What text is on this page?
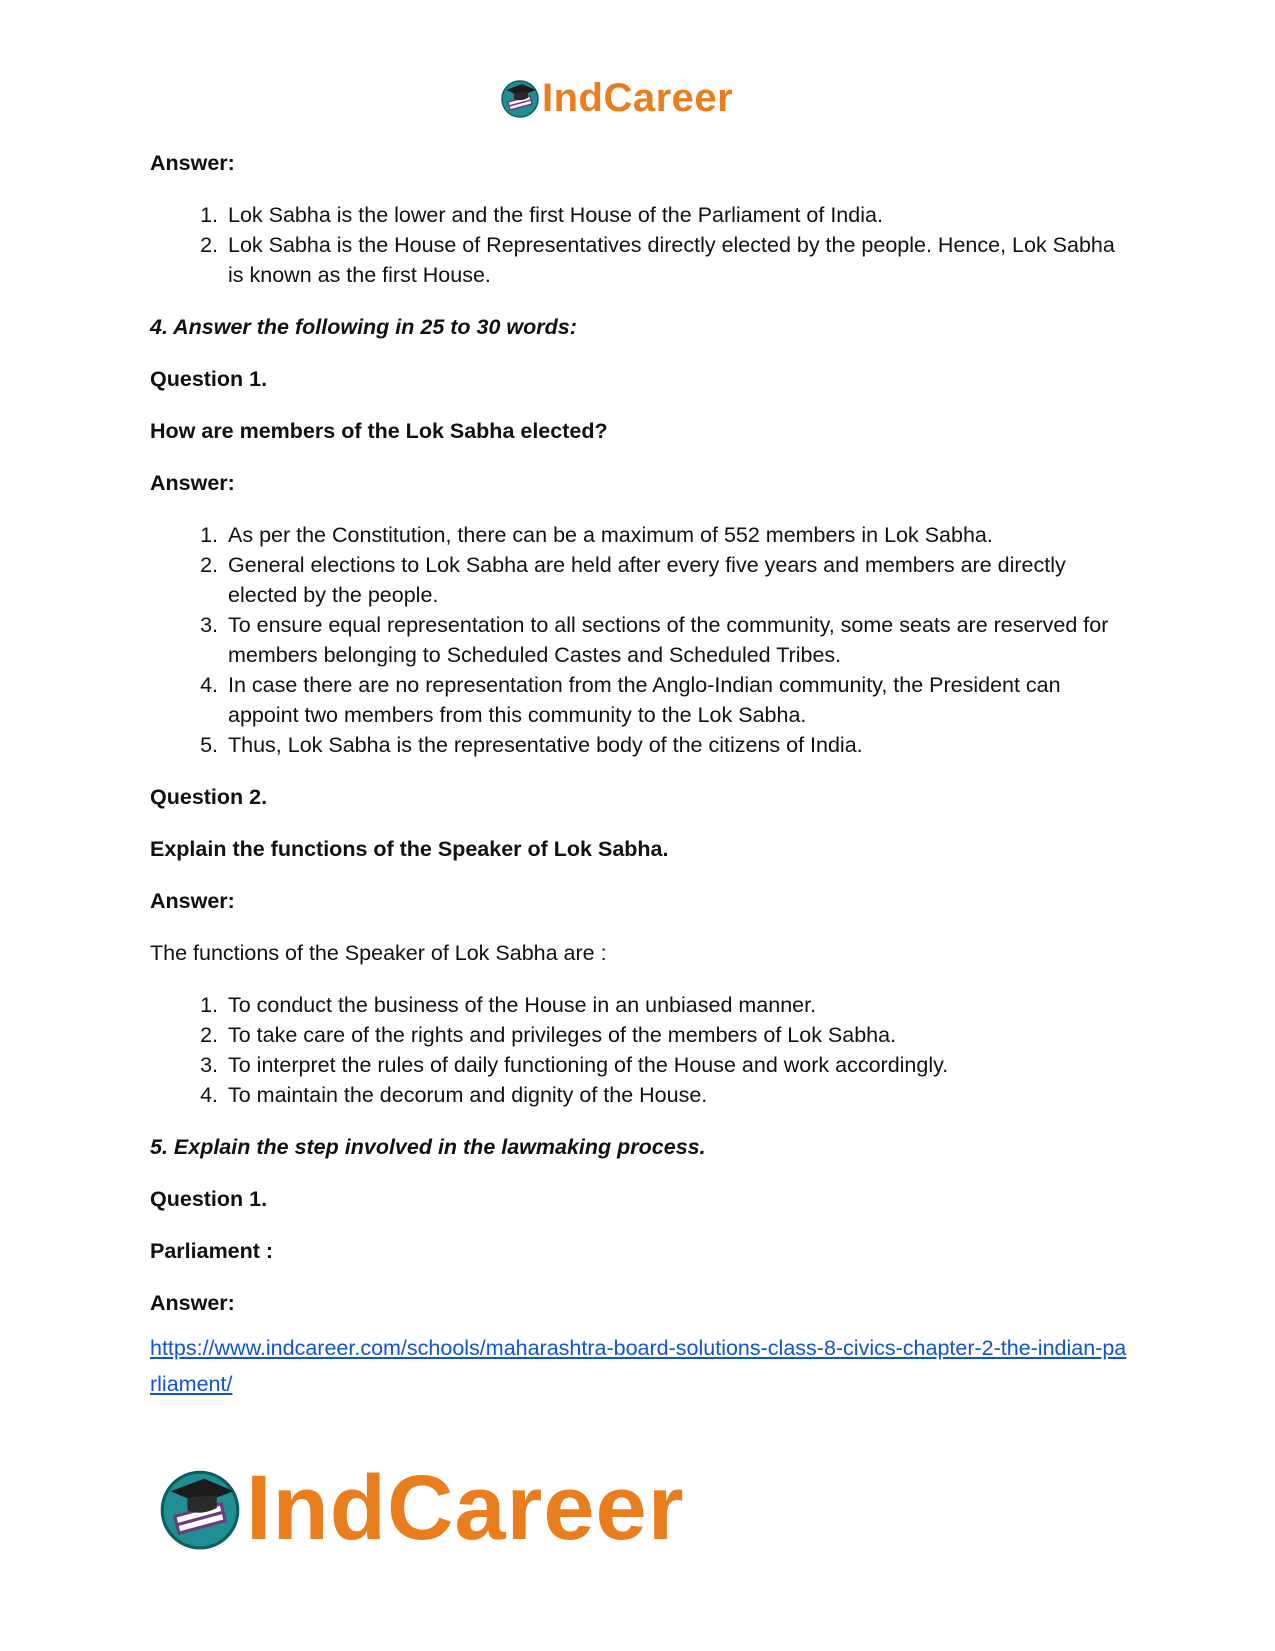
IndCareer

Answer:

1. Lok Sabha is the lower and the first House of the Parliament of India.
2. Lok Sabha is the House of Representatives directly elected by the people. Hence, Lok Sabha is known as the first House.

4. Answer the following in 25 to 30 words:

Question 1.

How are members of the Lok Sabha elected?

Answer:

1. As per the Constitution, there can be a maximum of 552 members in Lok Sabha.
2. General elections to Lok Sabha are held after every five years and members are directly elected by the people.
3. To ensure equal representation to all sections of the community, some seats are reserved for members belonging to Scheduled Castes and Scheduled Tribes.
4. In case there are no representation from the Anglo-Indian community, the President can appoint two members from this community to the Lok Sabha.
5. Thus, Lok Sabha is the representative body of the citizens of India.

Question 2.

Explain the functions of the Speaker of Lok Sabha.

Answer:

The functions of the Speaker of Lok Sabha are :

1. To conduct the business of the House in an unbiased manner.
2. To take care of the rights and privileges of the members of Lok Sabha.
3. To interpret the rules of daily functioning of the House and work accordingly.
4. To maintain the decorum and dignity of the House.

5. Explain the step involved in the lawmaking process.

Question 1.

Parliament :

Answer:

https://www.indcareer.com/schools/maharashtra-board-solutions-class-8-civics-chapter-2-the-indian-parliament/
IndCareer
